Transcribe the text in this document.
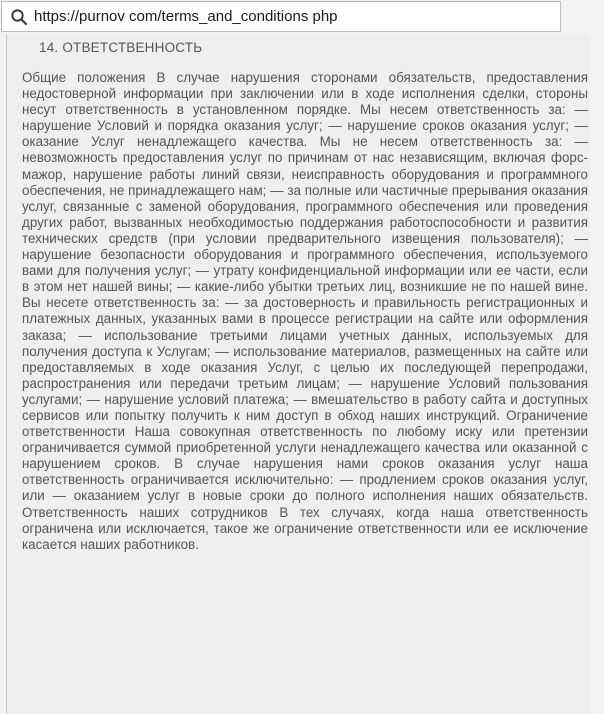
https://purnov com/terms_and_conditions php
14. ОТВЕТСТВЕННОСТЬ

Общие положения В случае нарушения сторонами обязательств, предоставления недостоверной информации при заключении или в ходе исполнения сделки, стороны несут ответственность в установленном порядке. Мы несем ответственность за: — нарушение Условий и порядка оказания услуг; — нарушение сроков оказания услуг; — оказание Услуг ненадлежащего качества. Мы не несем ответственность за: — невозможность предоставления услуг по причинам от нас независящим, включая форс-мажор, нарушение работы линий связи, неисправность оборудования и программного обеспечения, не принадлежащего нам; — за полные или частичные прерывания оказания услуг, связанные с заменой оборудования, программного обеспечения или проведения других работ, вызванных необходимостью поддержания работоспособности и развития технических средств (при условии предварительного извещения пользователя); — нарушение безопасности оборудования и программного обеспечения, используемого вами для получения услуг; — утрату конфиденциальной информации или ее части, если в этом нет нашей вины; — какие-либо убытки третьих лиц, возникшие не по нашей вине. Вы несете ответственность за: — за достоверность и правильность регистрационных и платежных данных, указанных вами в процессе регистрации на сайте или оформления заказа; — использование третьими лицами учетных данных, используемых для получения доступа к Услугам; — использование материалов, размещенных на сайте или предоставляемых в ходе оказания Услуг, с целью их последующей перепродажи, распространения или передачи третьим лицам; — нарушение Условий пользования услугами; — нарушение условий платежа; — вмешательство в работу сайта и доступных сервисов или попытку получить к ним доступ в обход наших инструкций. Ограничение ответственности Наша совокупная ответственность по любому иску или претензии ограничивается суммой приобретенной услуги ненадлежащего качества или оказанной с нарушением сроков. В случае нарушения нами сроков оказания услуг наша ответственность ограничивается исключительно: — продлением сроков оказания услуг, или — оказанием услуг в новые сроки до полного исполнения наших обязательств. Ответственность наших сотрудников В тех случаях, когда наша ответственность ограничена или исключается, такое же ограничение ответственности или ее исключение касается наших работников.
